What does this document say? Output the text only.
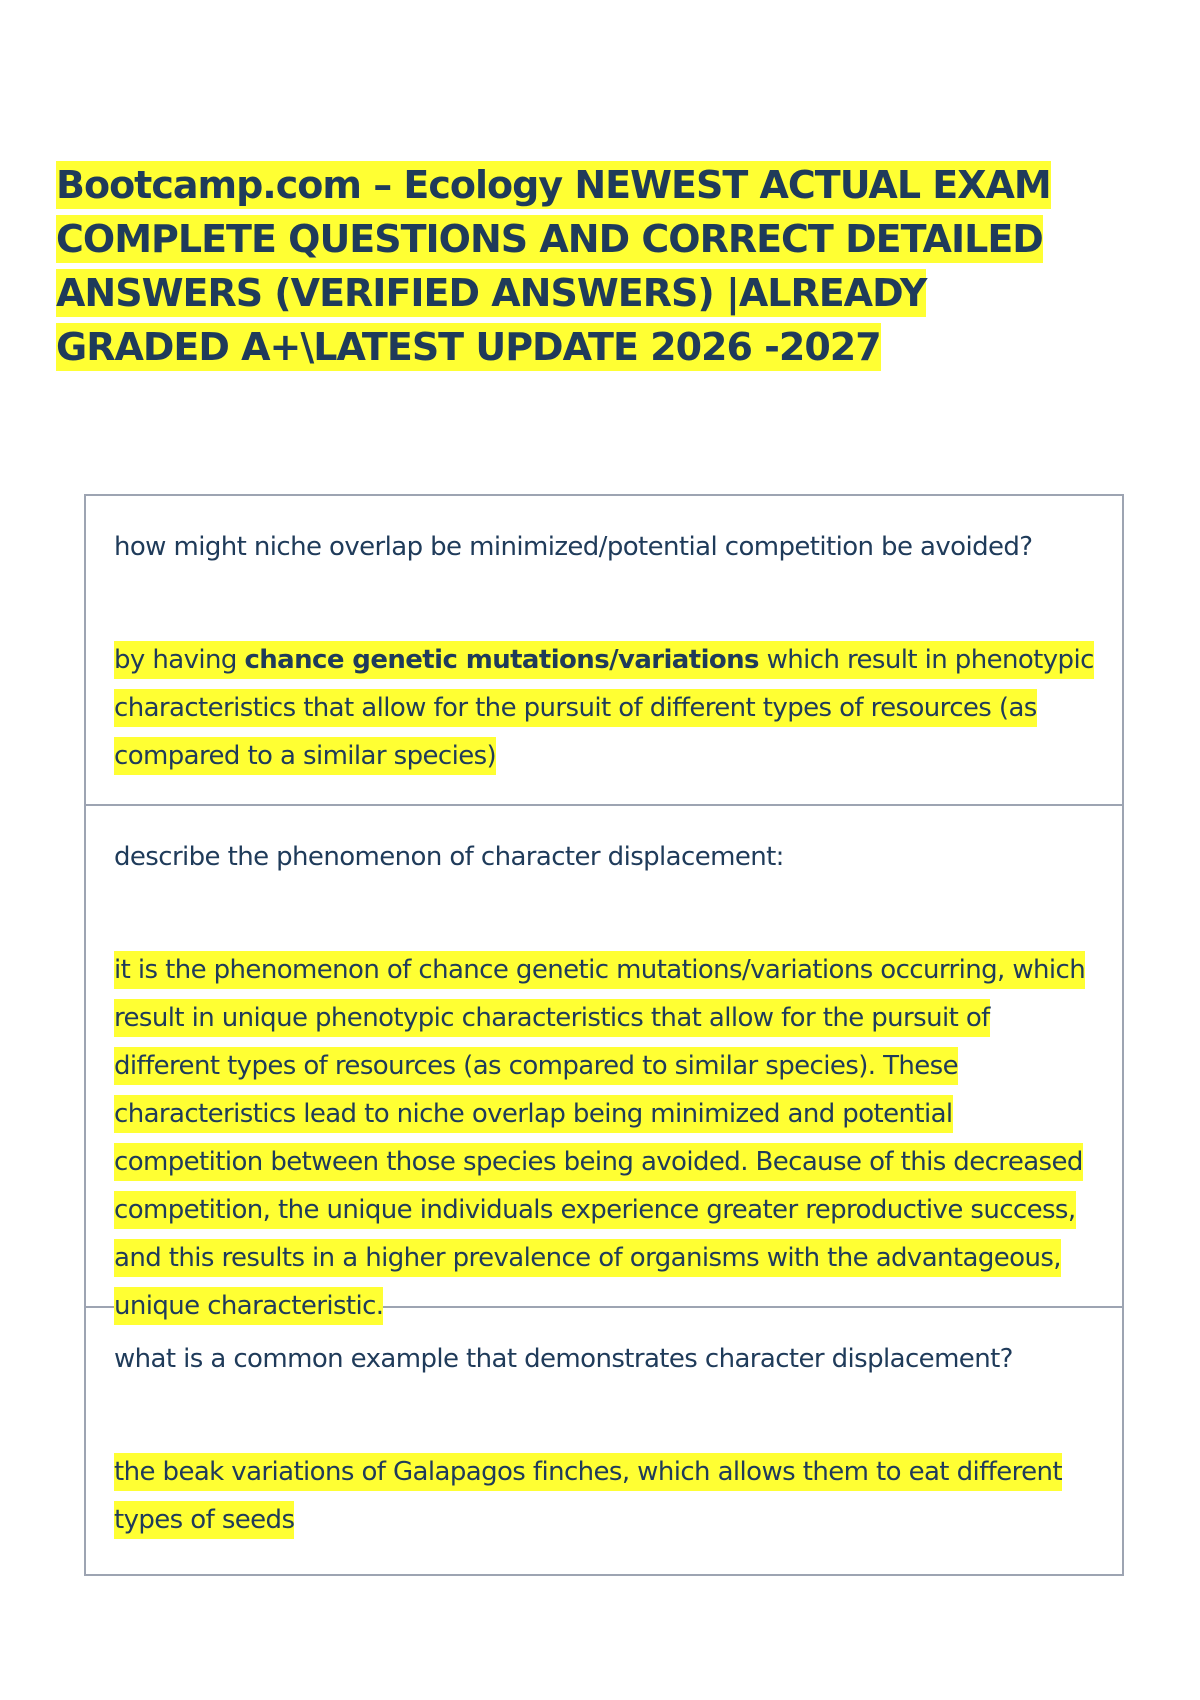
Bootcamp.com – Ecology NEWEST ACTUAL EXAM COMPLETE QUESTIONS AND CORRECT DETAILED ANSWERS (VERIFIED ANSWERS) |ALREADY GRADED A+\LATEST UPDATE 2026 -2027

how might niche overlap be minimized/potential competition be avoided?

by having chance genetic mutations/variations which result in phenotypic characteristics that allow for the pursuit of different types of resources (as compared to a similar species)

describe the phenomenon of character displacement:

it is the phenomenon of chance genetic mutations/variations occurring, which result in unique phenotypic characteristics that allow for the pursuit of different types of resources (as compared to similar species). These characteristics lead to niche overlap being minimized and potential competition between those species being avoided. Because of this decreased competition, the unique individuals experience greater reproductive success, and this results in a higher prevalence of organisms with the advantageous, unique characteristic.

what is a common example that demonstrates character displacement?

the beak variations of Galapagos finches, which allows them to eat different types of seeds
